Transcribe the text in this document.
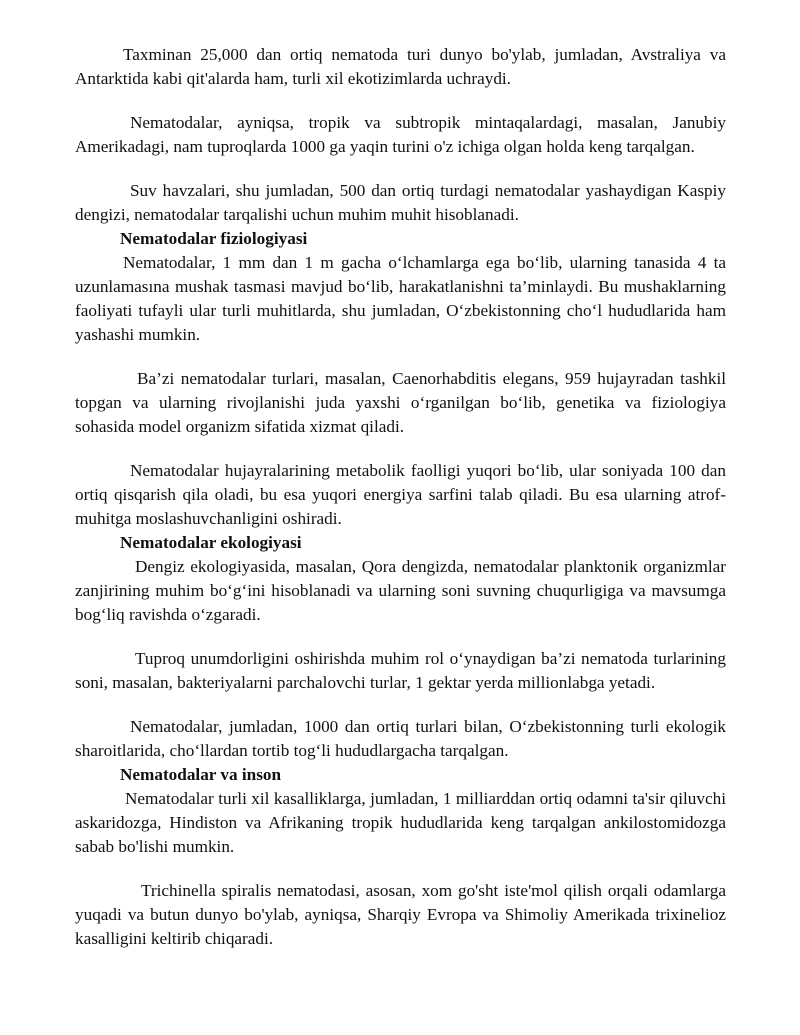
Taxminan 25,000 dan ortiq nematoda turi dunyo bo'ylab, jumladan, Avstraliya va Antarktida kabi qit'alarda ham, turli xil ekotizimlarda uchraydi.

Nematodalar, ayniqsa, tropik va subtropik mintaqalardagi, masalan, Janubiy Amerikadagi, nam tuproqlarda 1000 ga yaqin turini o'z ichiga olgan holda keng tarqalgan.

Suv havzalari, shu jumladan, 500 dan ortiq turdagi nematodalar yashaydigan Kaspiy dengizi, nematodalar tarqalishi uchun muhim muhit hisoblanadi.

Nematodalar fiziologiyasi

Nematodalar, 1 mm dan 1 m gacha o‘lchamlarga ega bo‘lib, ularning tanasida 4 ta uzunlamasına mushak tasmasi mavjud bo‘lib, harakatlanishni ta’minlaydi. Bu mushaklarning faoliyati tufayli ular turli muhitlarda, shu jumladan, O‘zbekistonning cho‘l hududlarida ham yashashi mumkin.

Ba’zi nematodalar turlari, masalan, Caenorhabditis elegans, 959 hujayradan tashkil topgan va ularning rivojlanishi juda yaxshi o‘rganilgan bo‘lib, genetika va fiziologiya sohasida model organizm sifatida xizmat qiladi.

Nematodalar hujayralarining metabolik faolligi yuqori bo‘lib, ular soniyada 100 dan ortiq qisqarish qila oladi, bu esa yuqori energiya sarfini talab qiladi. Bu esa ularning atrof-muhitga moslashuvchanligini oshiradi.

Nematodalar ekologiyasi

Dengiz ekologiyasida, masalan, Qora dengizda, nematodalar planktonik organizmlar zanjirining muhim bo‘g‘ini hisoblanadi va ularning soni suvning chuqurligiga va mavsumga bog‘liq ravishda o‘zgaradi.

Tuproq unumdorligini oshirishda muhim rol o‘ynaydigan ba’zi nematoda turlarining soni, masalan, bakteriyalarni parchalovchi turlar, 1 gektar yerda millionlabga yetadi.

Nematodalar, jumladan, 1000 dan ortiq turlari bilan, O‘zbekistonning turli ekologik sharoitlarida, cho‘llardan tortib tog‘li hududlargacha tarqalgan.

Nematodalar va inson

Nematodalar turli xil kasalliklarga, jumladan, 1 milliarddan ortiq odamni ta'sir qiluvchi askaridozga, Hindiston va Afrikaning tropik hududlarida keng tarqalgan ankilostomidozga sabab bo'lishi mumkin.

Trichinella spiralis nematodasi, asosan, xom go'sht iste'mol qilish orqali odamlarga yuqadi va butun dunyo bo'ylab, ayniqsa, Sharqiy Evropa va Shimoliy Amerikada trixinelioz kasalligini keltirib chiqaradi.
